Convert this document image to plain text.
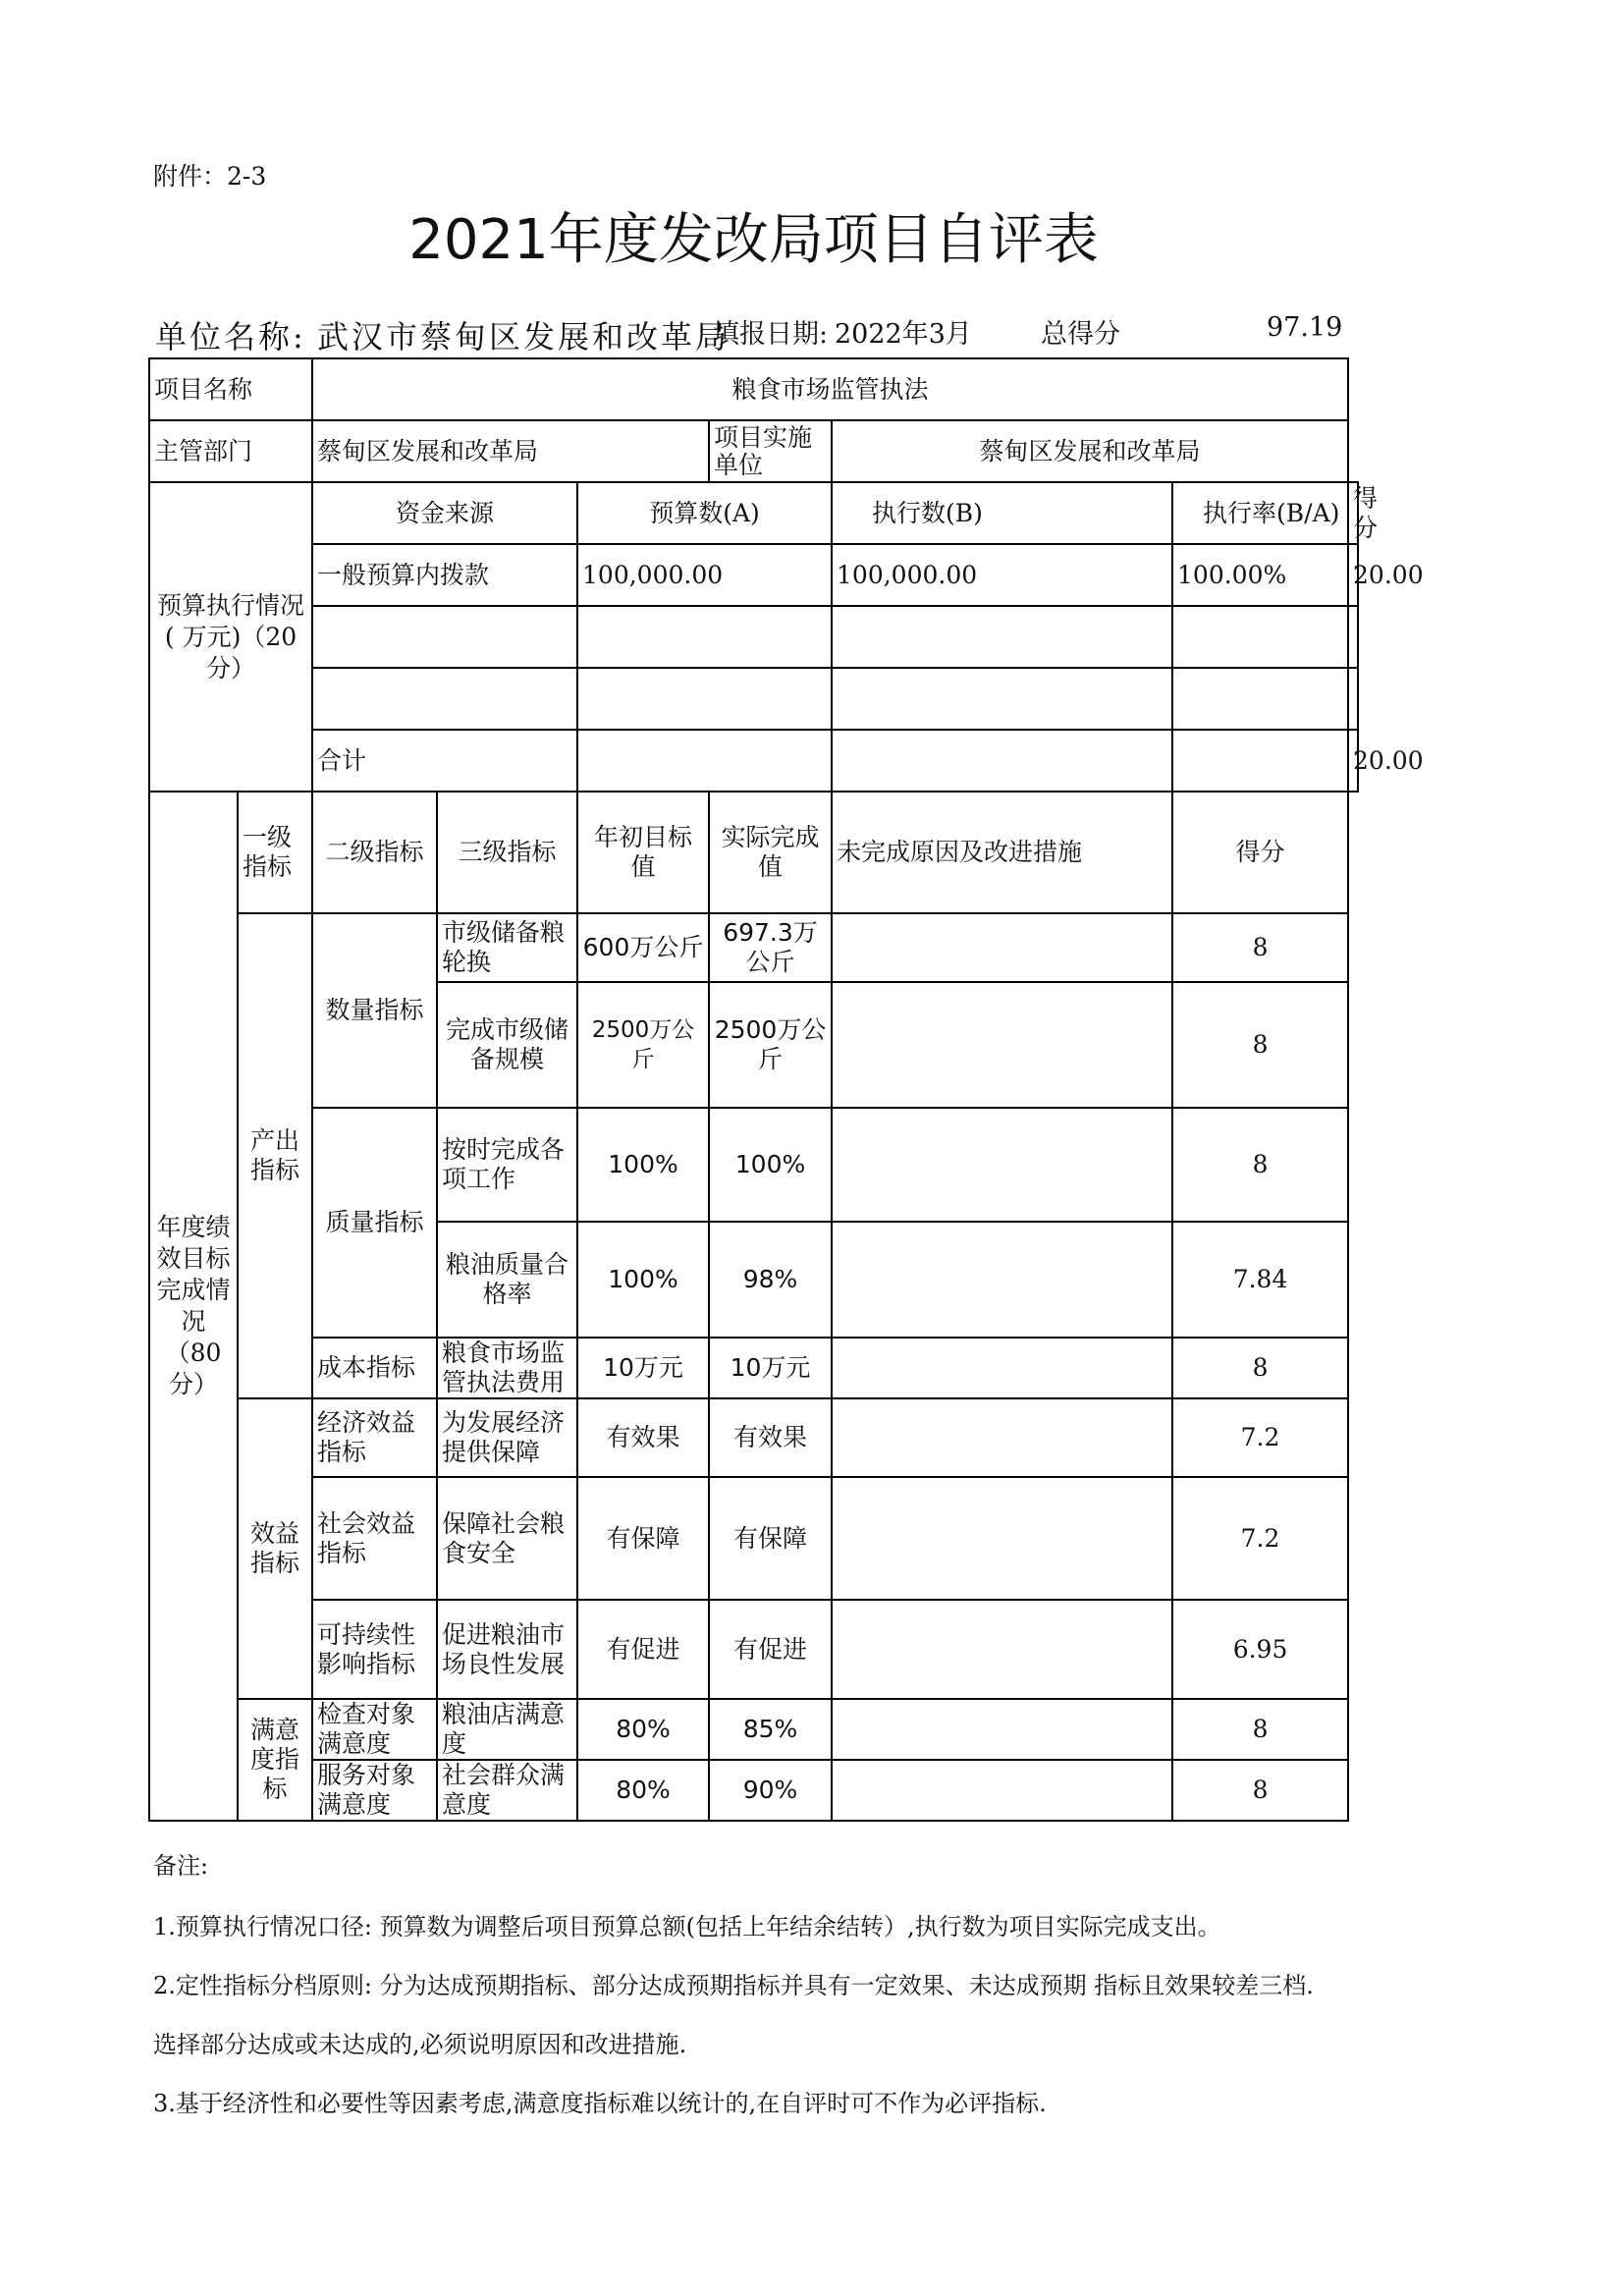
附件：2-3
2021年度发改局项目自评表
单位名称: 武汉市蔡甸区发展和改革局
填报日期: 2022年3月	总得分	97.19
项目名称		粮食市场监管执法						
主管部门		蔡甸区发展和改革局			项目实施单位	蔡甸区发展和改革局		
预算执行情况( 万元)（20分）		资金来源		预算数(A)		执行数(B)	执行率(B/A)	得分
		一般预算内拨款		100,000.00		100,000.00	100.00%	20.00

		合计						20.00
年度绩效目标完成情况（80分）	一级指标	二级指标	三级指标	年初目标值	实际完成值	未完成原因及改进措施	得分	
	产出指标	数量指标	市级储备粮轮换	600万公斤	697.3万公斤		8	
			完成市级储备规模	2500万公斤	2500万公斤		8	
		质量指标	按时完成各项工作	100%	100%		8	
			粮油质量合格率	100%	98%		7.84	
		成本指标	粮食市场监管执法费用	10万元	10万元		8	
	效益指标	经济效益指标	为发展经济提供保障	有效果	有效果		7.2	
		社会效益指标	保障社会粮食安全	有保障	有保障		7.2	
		可持续性影响指标	促进粮油市场良性发展	有促进	有促进		6.95	
	满意度指标	检查对象满意度	粮油店满意度	80%	85%		8	
		服务对象满意度	社会群众满意度	80%	90%		8	
备注:
1.预算执行情况口径: 预算数为调整后项目预算总额(包括上年结余结转）,执行数为项目实际完成支出。
2.定性指标分档原则: 分为达成预期指标、部分达成预期指标并具有一定效果、未达成预期 指标且效果较差三档.
选择部分达成或未达成的,必须说明原因和改进措施.
3.基于经济性和必要性等因素考虑,满意度指标难以统计的,在自评时可不作为必评指标.
